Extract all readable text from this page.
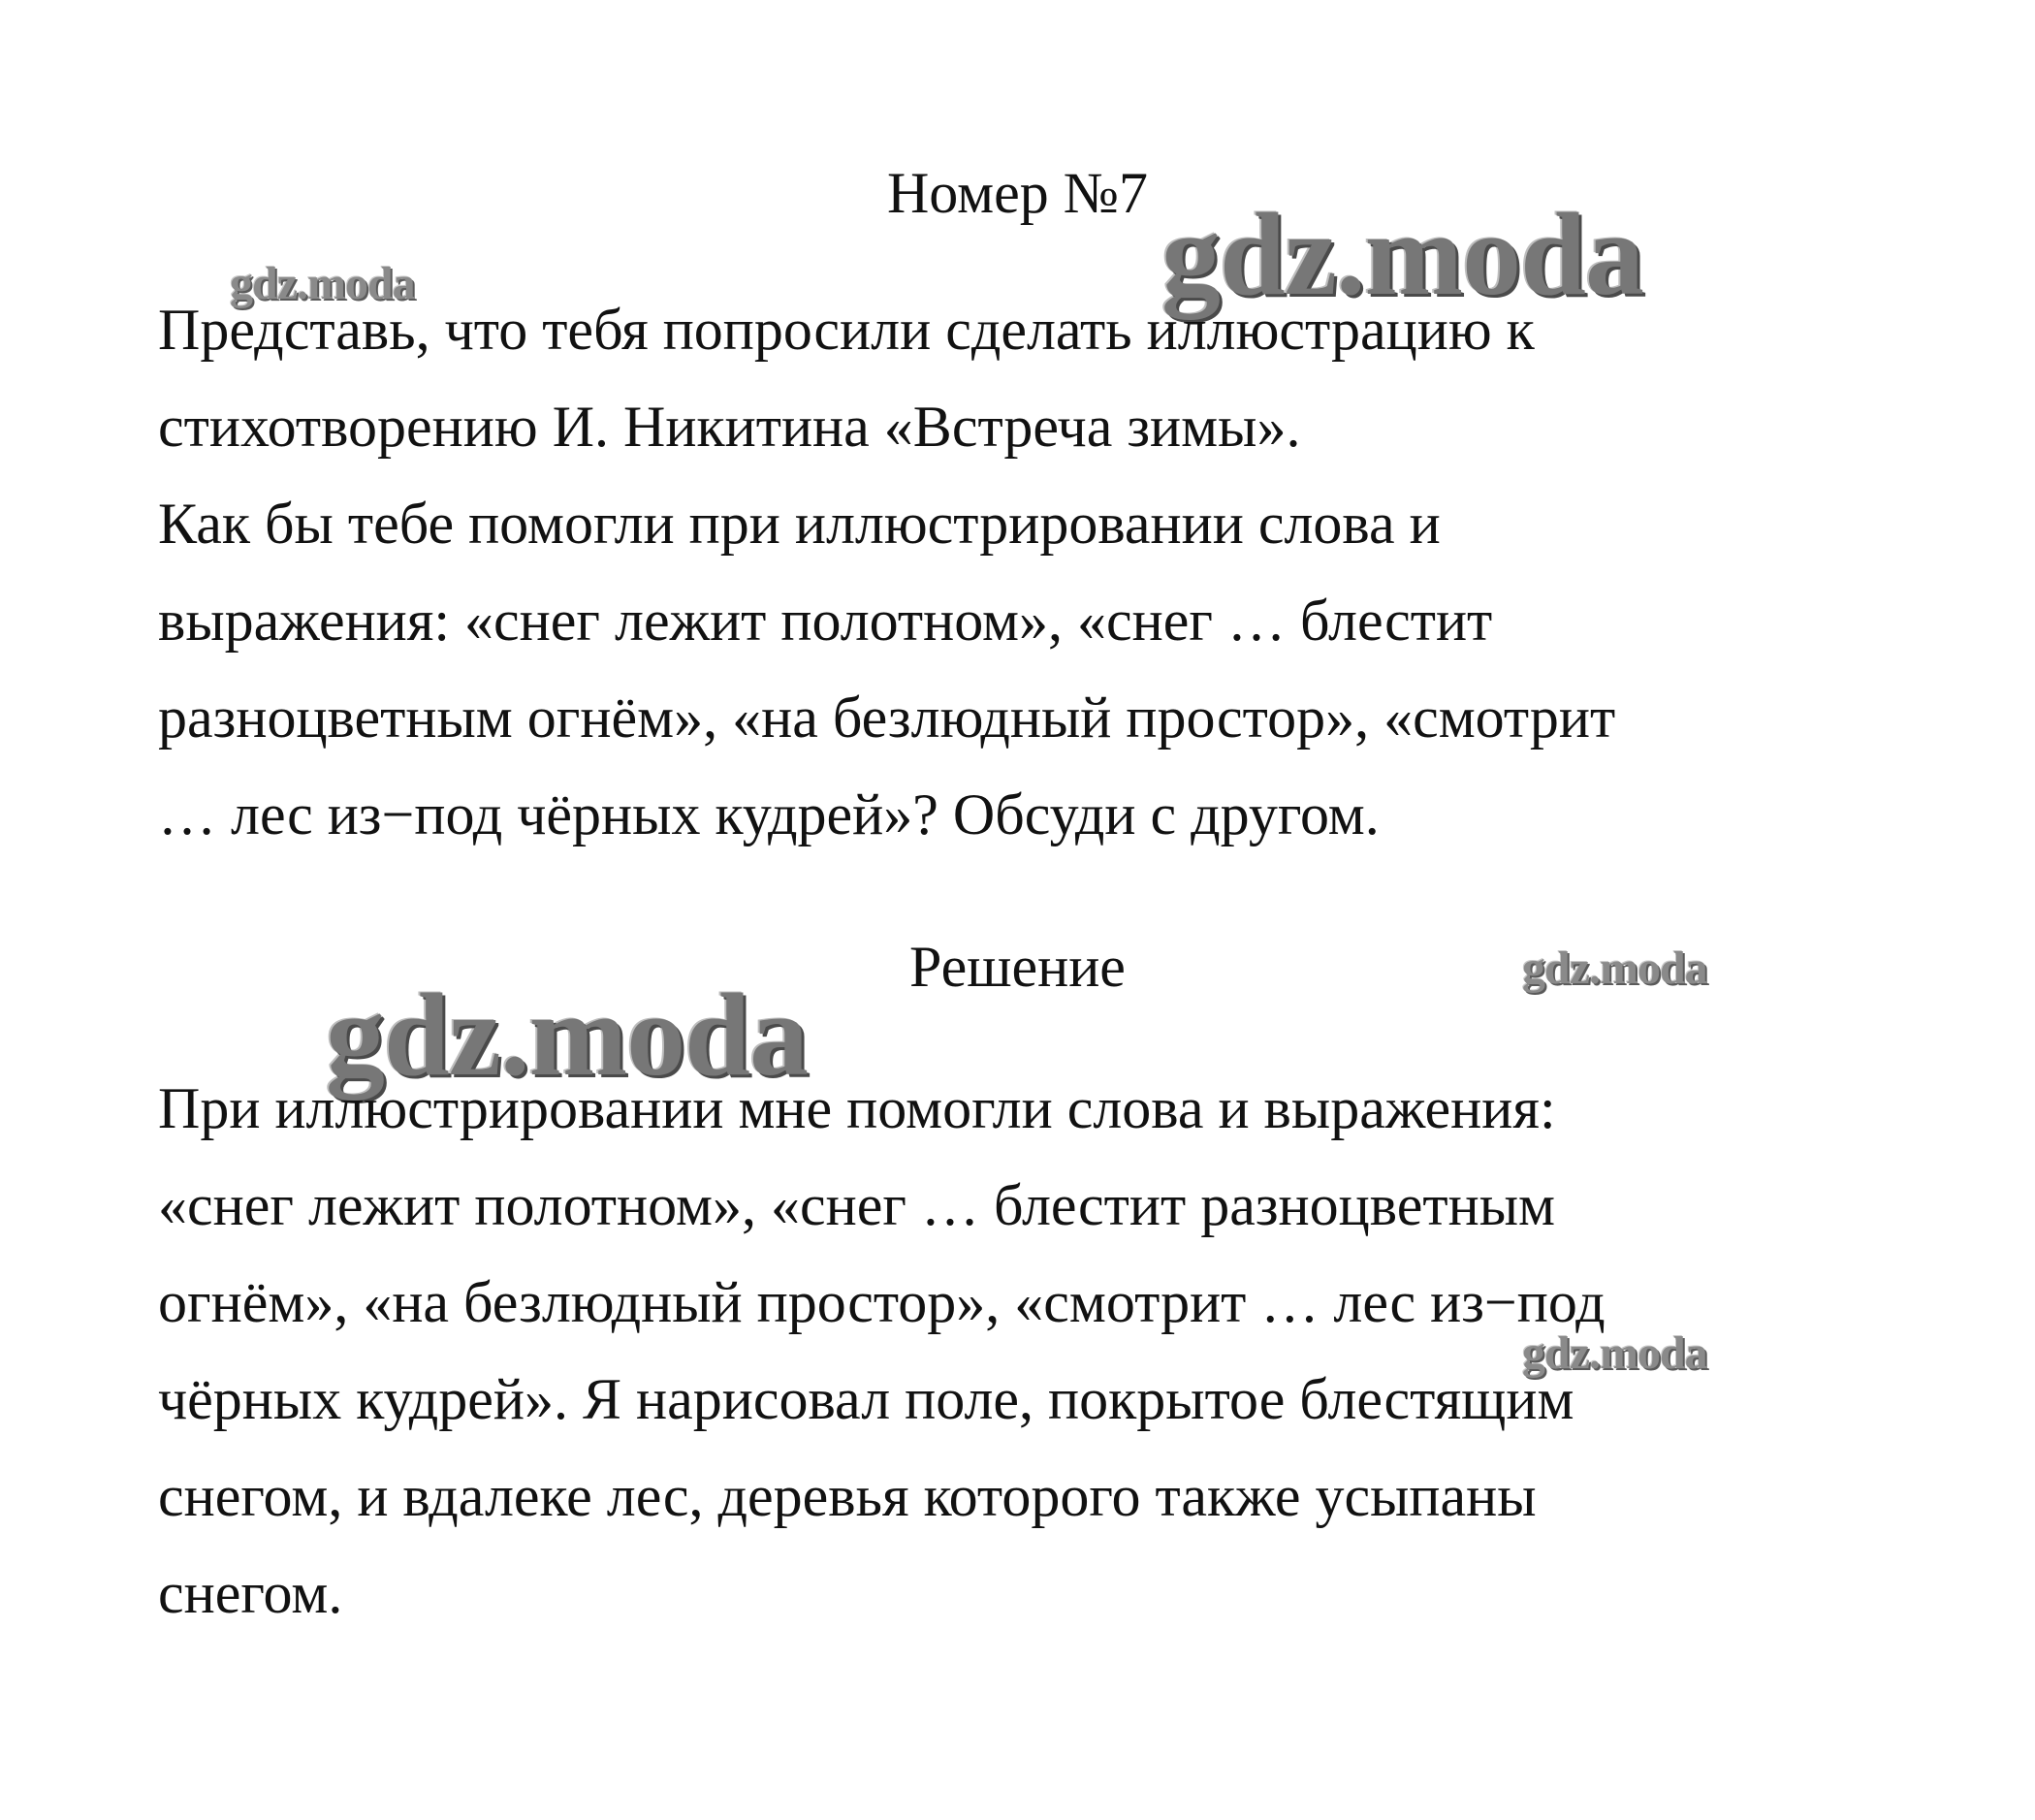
gdz.moda
gdz.moda
gdz.moda
gdz.moda
gdz.moda
Номер №7
Представь, что тебя попросили сделать иллюстрацию к
стихотворению И. Никитина «Встреча зимы».
Как бы тебе помогли при иллюстрировании слова и
выражения: «снег лежит полотном», «снег … блестит
разноцветным огнём», «на безлюдный простор», «смотрит
… лес из−под чёрных кудрей»? Обсуди с другом.
Решение
При иллюстрировании мне помогли слова и выражения:
«снег лежит полотном», «снег … блестит разноцветным
огнём», «на безлюдный простор», «смотрит … лес из−под
чёрных кудрей». Я нарисовал поле, покрытое блестящим
снегом, и вдалеке лес, деревья которого также усыпаны
снегом.
